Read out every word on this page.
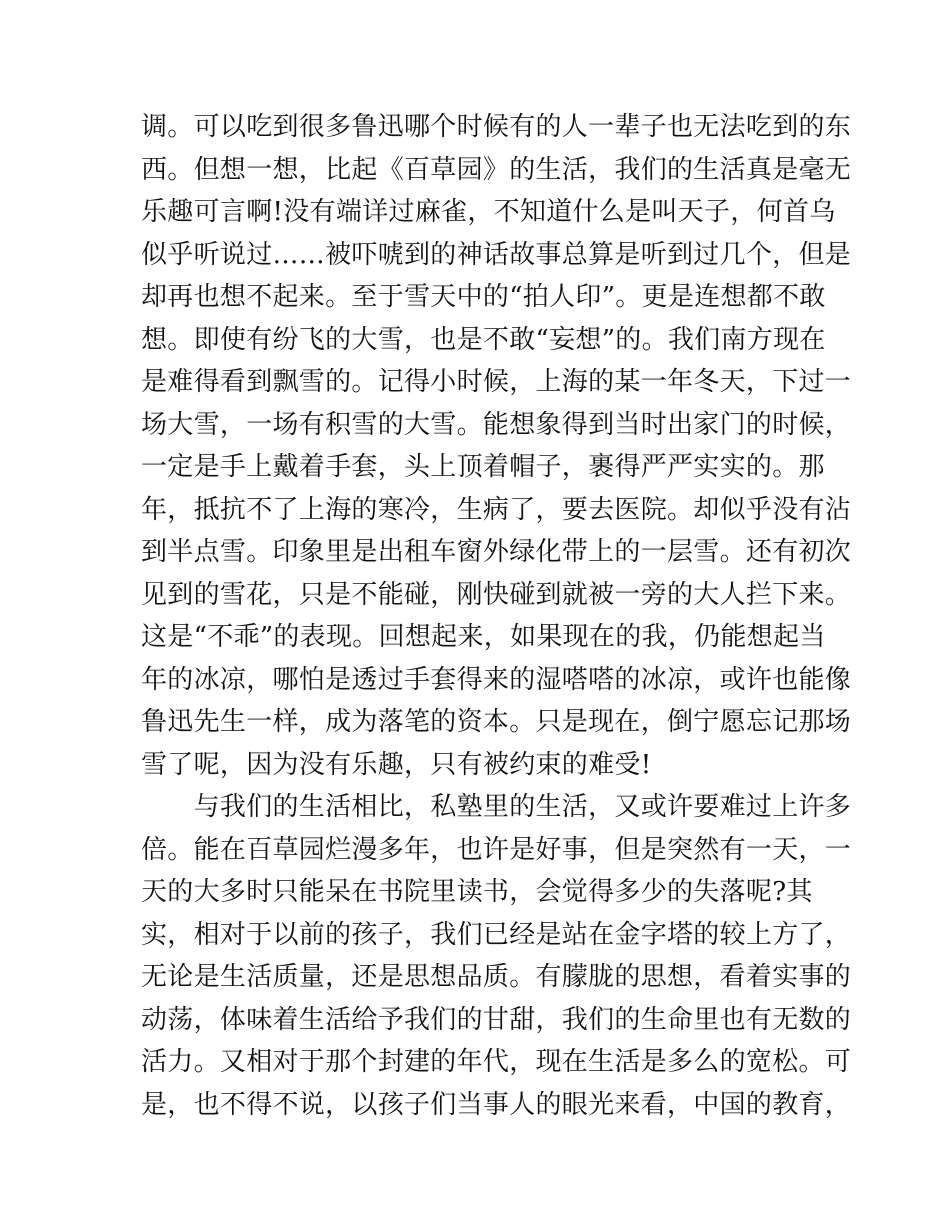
调。可以吃到很多鲁迅哪个时候有的人一辈子也无法吃到的东
西。但想一想，比起《百草园》的生活，我们的生活真是毫无
乐趣可言啊!没有端详过麻雀，不知道什么是叫天子，何首乌
似乎听说过……被吓唬到的神话故事总算是听到过几个，但是
却再也想不起来。至于雪天中的“拍人印”。更是连想都不敢
想。即使有纷飞的大雪，也是不敢“妄想”的。我们南方现在
是难得看到飘雪的。记得小时候，上海的某一年冬天，下过一
场大雪，一场有积雪的大雪。能想象得到当时出家门的时候，
一定是手上戴着手套，头上顶着帽子，裹得严严实实的。那
年，抵抗不了上海的寒冷，生病了，要去医院。却似乎没有沾
到半点雪。印象里是出租车窗外绿化带上的一层雪。还有初次
见到的雪花，只是不能碰，刚快碰到就被一旁的大人拦下来。
这是“不乖”的表现。回想起来，如果现在的我，仍能想起当
年的冰凉，哪怕是透过手套得来的湿嗒嗒的冰凉，或许也能像
鲁迅先生一样，成为落笔的资本。只是现在，倒宁愿忘记那场
雪了呢，因为没有乐趣，只有被约束的难受!
　　与我们的生活相比，私塾里的生活，又或许要难过上许多
倍。能在百草园烂漫多年，也许是好事，但是突然有一天，一
天的大多时只能呆在书院里读书，会觉得多少的失落呢?其
实，相对于以前的孩子，我们已经是站在金字塔的较上方了，
无论是生活质量，还是思想品质。有朦胧的思想，看着实事的
动荡，体味着生活给予我们的甘甜，我们的生命里也有无数的
活力。又相对于那个封建的年代，现在生活是多么的宽松。可
是，也不得不说，以孩子们当事人的眼光来看，中国的教育，
